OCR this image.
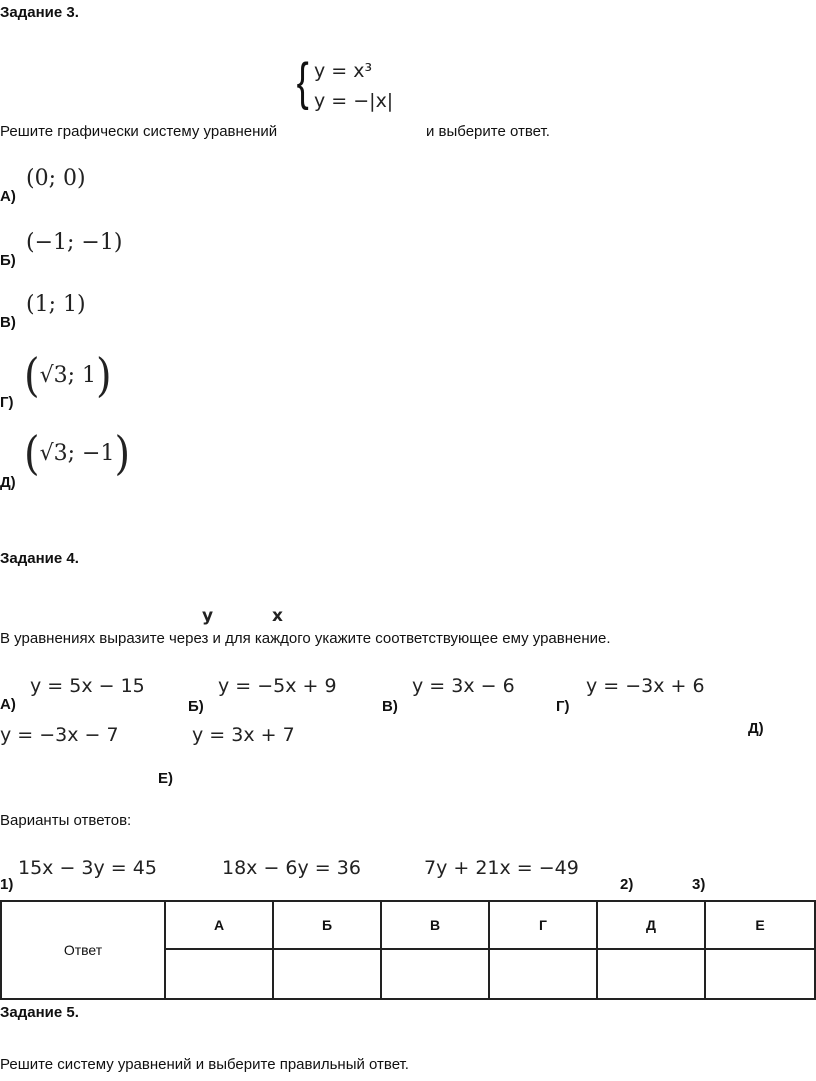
Задание 3.
{ y = x³
y = −|x|
Решите графически систему уравнений	и выберите ответ.
А)
(0; 0)
Б)
(−1; −1)
В)
(1; 1)
Г)
(√3; 1)
Д)
(√3; −1)
Задание 4.
y	x
В уравнениях выразите через и для каждого укажите соответствующее ему уравнение.
А)
y = 5x − 15
Б)
y = −5x + 9
В)
y = 3x − 6
Г)
y = −3x + 6
Д)
y = −3x − 7
Е)
y = 3x + 7
Варианты ответов:
1)
15x − 3y = 45
2)
18x − 6y = 36
3)
7y + 21x = −49
Ответ	А	Б	В	Г	Д	Е

Задание 5.
Решите систему уравнений и выберите правильный ответ.
